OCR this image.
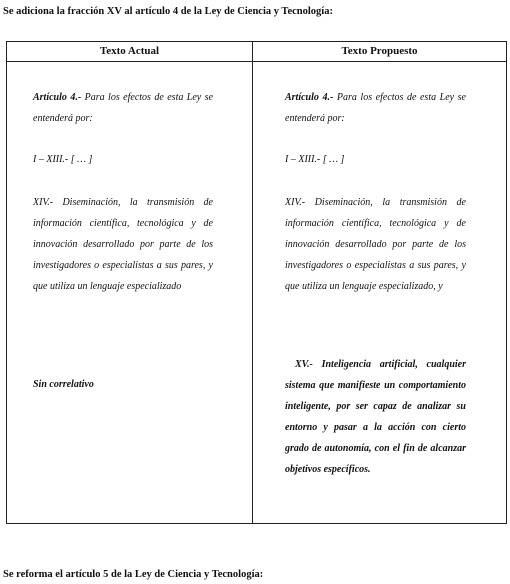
Se adiciona la fracción XV al artículo 4 de la Ley de Ciencia y Tecnología:
Texto Actual	Texto Propuesto
Artículo 4.- Para los efectos de esta Ley se entenderá por:
I – XIII.- [ … ]
XIV.- Diseminación, la transmisión de información científica, tecnológica y de innovación desarrollado por parte de los investigadores o especialistas a sus pares, y que utiliza un lenguaje especializado
Sin correlativo
Artículo 4.- Para los efectos de esta Ley se entenderá por:
I – XIII.- [ … ]
XIV.- Diseminación, la transmisión de información científica, tecnológica y de innovación desarrollado por parte de los investigadores o especialistas a sus pares, y que utiliza un lenguaje especializado, y
XV.- Inteligencia artificial, cualquier sistema que manifieste un comportamiento inteligente, por ser capaz de analizar su entorno y pasar a la acción con cierto grado de autonomía, con el fin de alcanzar objetivos específicos.
Se reforma el artículo 5 de la Ley de Ciencia y Tecnología:
